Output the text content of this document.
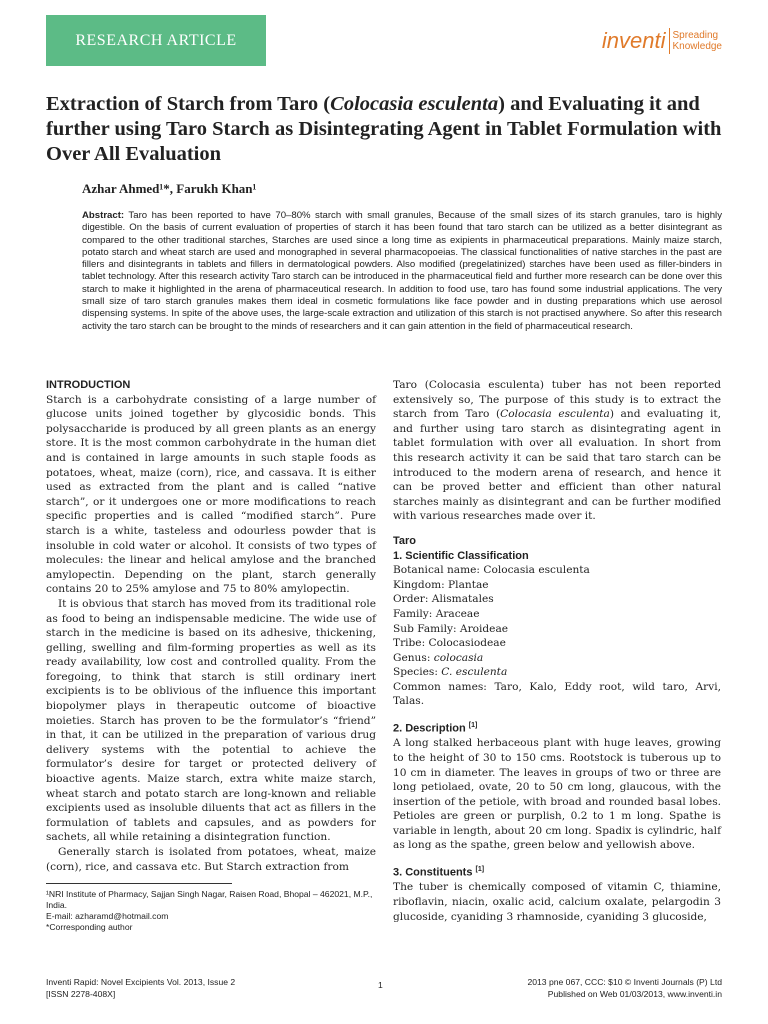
RESEARCH ARTICLE	inventi Spreading
Knowledge
Extraction of Starch from Taro (Colocasia esculenta) and Evaluating it and further using Taro Starch as Disintegrating Agent in Tablet Formulation with Over All Evaluation
Azhar Ahmed¹*, Farukh Khan¹
Abstract: Taro has been reported to have 70–80% starch with small granules, Because of the small sizes of its starch granules, taro is highly digestible. On the basis of current evaluation of properties of starch it has been found that taro starch can be utilized as a better disintegrant as compared to the other traditional starches, Starches are used since a long time as exipients in pharmaceutical preparations. Mainly maize starch, potato starch and wheat starch are used and monographed in several pharmacopoeias. The classical functionalities of native starches in the past are fillers and disintegrants in tablets and fillers in dermatological powders. Also modified (pregelatinized) starches have been used as filler-binders in tablet technology. After this research activity Taro starch can be introduced in the pharmaceutical field and further more research can be done over this starch to make it highlighted in the arena of pharmaceutical research. In addition to food use, taro has found some industrial applications. The very small size of taro starch granules makes them ideal in cosmetic formulations like face powder and in dusting preparations which use aerosol dispensing systems. In spite of the above uses, the large-scale extraction and utilization of this starch is not practised anywhere. So after this research activity the taro starch can be brought to the minds of researchers and it can gain attention in the field of pharmaceutical research.
INTRODUCTION

Starch is a carbohydrate consisting of a large number of glucose units joined together by glycosidic bonds. This polysaccharide is produced by all green plants as an energy store. It is the most common carbohydrate in the human diet and is contained in large amounts in such staple foods as potatoes, wheat, maize (corn), rice, and cassava. It is either used as extracted from the plant and is called “native starch”, or it undergoes one or more modifications to reach specific properties and is called “modified starch”. Pure starch is a white, tasteless and odourless powder that is insoluble in cold water or alcohol. It consists of two types of molecules: the linear and helical amylose and the branched amylopectin. Depending on the plant, starch generally contains 20 to 25% amylose and 75 to 80% amylopectin.

It is obvious that starch has moved from its traditional role as food to being an indispensable medicine. The wide use of starch in the medicine is based on its adhesive, thickening, gelling, swelling and film-forming properties as well as its ready availability, low cost and controlled quality. From the foregoing, to think that starch is still ordinary inert excipients is to be oblivious of the influence this important biopolymer plays in therapeutic outcome of bioactive moieties. Starch has proven to be the formulator’s “friend” in that, it can be utilized in the preparation of various drug delivery systems with the potential to achieve the formulator’s desire for target or protected delivery of bioactive agents. Maize starch, extra white maize starch, wheat starch and potato starch are long-known and reliable excipients used as insoluble diluents that act as fillers in the formulation of tablets and capsules, and as powders for sachets, all while retaining a disintegration function.

Generally starch is isolated from potatoes, wheat, maize (corn), rice, and cassava etc. But Starch extraction from

¹NRI Institute of Pharmacy, Sajjan Singh Nagar, Raisen Road, Bhopal – 462021, M.P., India.

E-mail: azharamd@hotmail.com

*Corresponding author

Taro (Colocasia esculenta) tuber has not been reported extensively so, The purpose of this study is to extract the starch from Taro (Colocasia esculenta) and evaluating it, and further using taro starch as disintegrating agent in tablet formulation with over all evaluation. In short from this research activity it can be said that taro starch can be introduced to the modern arena of research, and hence it can be proved better and efficient than other natural starches mainly as disintegrant and can be further modified with various researches made over it.

Taro
1. Scientific Classification

Botanical name: Colocasia esculenta

Kingdom: Plantae

Order: Alismatales

Family: Araceae

Sub Family: Aroideae

Tribe: Colocasiodeae

Genus: colocasia

Species: C. esculenta

Common names: Taro, Kalo, Eddy root, wild taro, Arvi, Talas.

2. Description [1]

A long stalked herbaceous plant with huge leaves, growing to the height of 30 to 150 cms. Rootstock is tuberous up to 10 cm in diameter. The leaves in groups of two or three are long petiolaed, ovate, 20 to 50 cm long, glaucous, with the insertion of the petiole, with broad and rounded basal lobes. Petioles are green or purplish, 0.2 to 1 m long. Spathe is variable in length, about 20 cm long. Spadix is cylindric, half as long as the spathe, green below and yellowish above.

3. Constituents [1]

The tuber is chemically composed of vitamin C, thiamine, riboflavin, niacin, oxalic acid, calcium oxalate, pelargodin 3 glucoside, cyaniding 3 rhamnoside, cyaniding 3 glucoside,

Inventi Rapid: Novel Excipients Vol. 2013, Issue 2

[ISSN 2278-408X]

1	2013 pne 067, CCC: $10 © Inventi Journals (P) Ltd

Published on Web 01/03/2013, www.inventi.in
